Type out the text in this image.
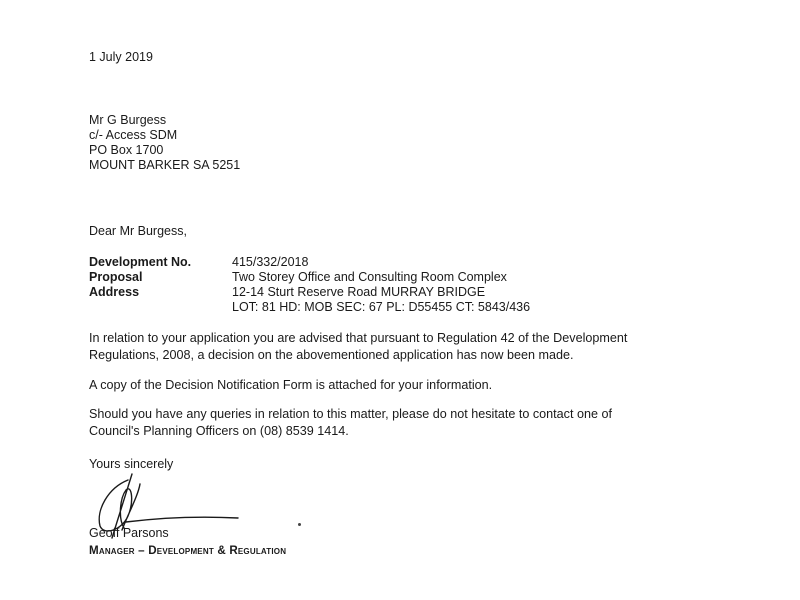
1 July 2019
Mr G Burgess
c/- Access SDM
PO Box 1700
MOUNT BARKER SA 5251
Dear Mr Burgess,
Development No.	415/332/2018
Proposal	Two Storey Office and Consulting Room Complex
Address	12-14 Sturt Reserve Road MURRAY BRIDGE
LOT: 81 HD: MOB SEC: 67 PL: D55455 CT: 5843/436
In relation to your application you are advised that pursuant to Regulation 42 of the Development
Regulations, 2008, a decision on the abovementioned application has now been made.
A copy of the Decision Notification Form is attached for your information.
Should you have any queries in relation to this matter, please do not hesitate to contact one of
Council's Planning Officers on (08) 8539 1414.
Yours sincerely
Geoff Parsons
Manager – Development & Regulation
